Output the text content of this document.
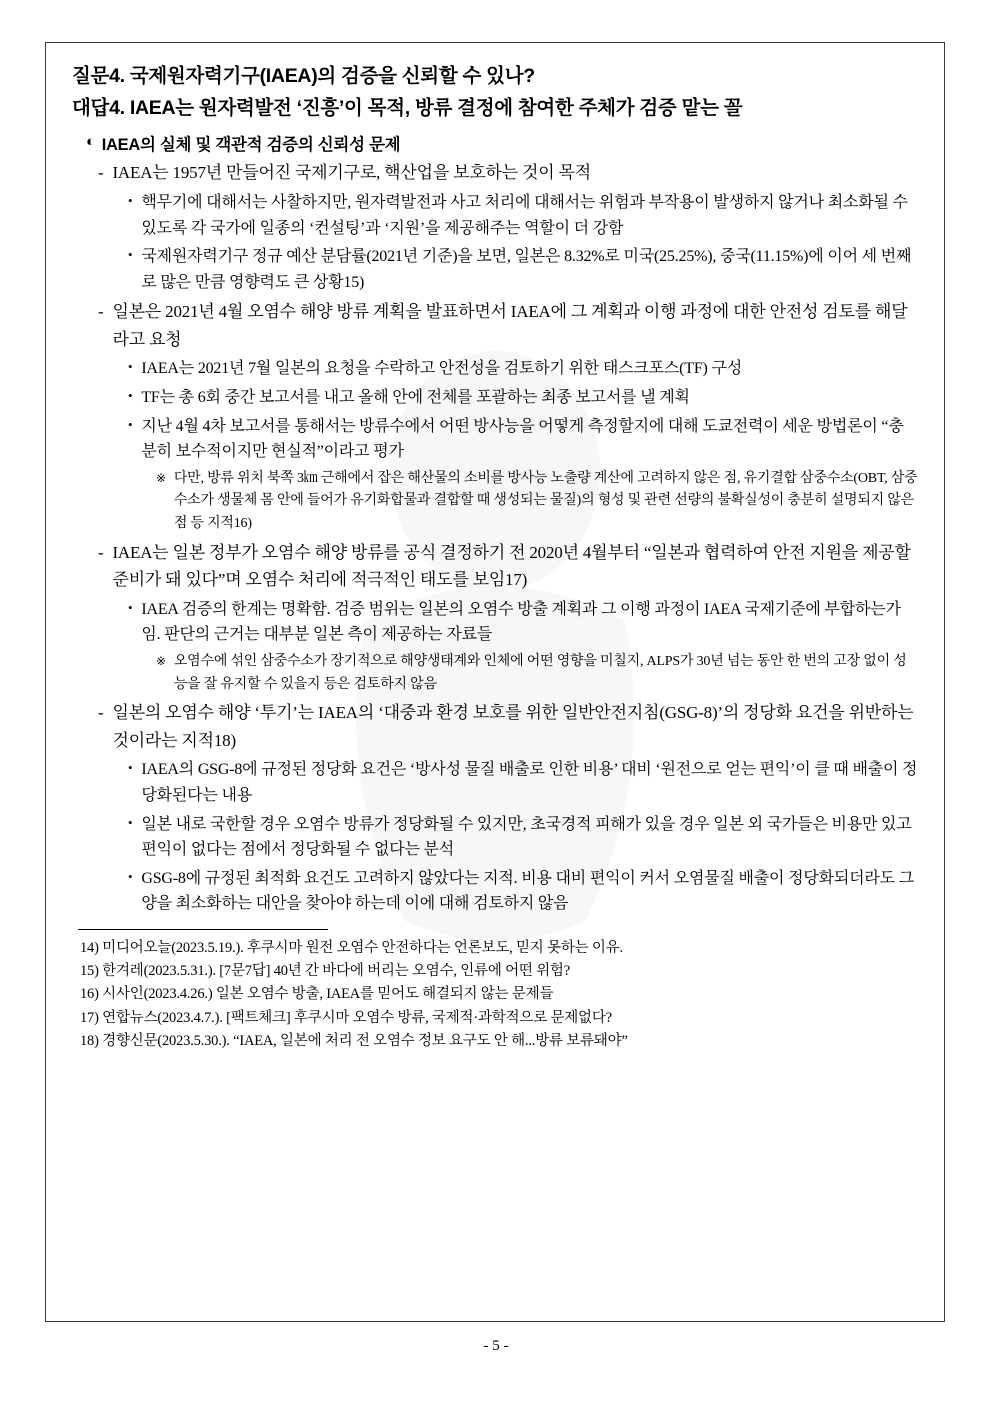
질문4. 국제원자력기구(IAEA)의 검증을 신뢰할 수 있나?
대답4. IAEA는 원자력발전 ‘진흥’이 목적, 방류 결정에 참여한 주체가 검증 맡는 꼴
◐ IAEA의 실체 및 객관적 검증의 신뢰성 문제
- IAEA는 1957년 만들어진 국제기구로, 핵산업을 보호하는 것이 목적
• 핵무기에 대해서는 사찰하지만, 원자력발전과 사고 처리에 대해서는 위험과 부작용이 발생하지 않거나 최소화될 수 있도록 각 국가에 일종의 ‘컨설팅’과 ‘지원’을 제공해주는 역할이 더 강함
• 국제원자력기구 정규 예산 분담률(2021년 기준)을 보면, 일본은 8.32%로 미국(25.25%), 중국(11.15%)에 이어 세 번째로 많은 만큼 영향력도 큰 상황15)
- 일본은 2021년 4월 오염수 해양 방류 계획을 발표하면서 IAEA에 그 계획과 이행 과정에 대한 안전성 검토를 해달라고 요청
• IAEA는 2021년 7월 일본의 요청을 수락하고 안전성을 검토하기 위한 태스크포스(TF) 구성
• TF는 총 6회 중간 보고서를 내고 올해 안에 전체를 포괄하는 최종 보고서를 낼 계획
• 지난 4월 4차 보고서를 통해서는 방류수에서 어떤 방사능을 어떻게 측정할지에 대해 도쿄전력이 세운 방법론이 “충분히 보수적이지만 현실적”이라고 평가
※ 다만, 방류 위치 북쪽 3㎞ 근해에서 잡은 해산물의 소비를 방사능 노출량 계산에 고려하지 않은 점, 유기결합 삼중수소(OBT, 삼중수소가 생물체 몸 안에 들어가 유기화합물과 결합할 때 생성되는 물질)의 형성 및 관련 선량의 불확실성이 충분히 설명되지 않은 점 등 지적16)
- IAEA는 일본 정부가 오염수 해양 방류를 공식 결정하기 전 2020년 4월부터 “일본과 협력하여 안전 지원을 제공할 준비가 돼 있다”며 오염수 처리에 적극적인 태도를 보임17)
• IAEA 검증의 한계는 명확함. 검증 범위는 일본의 오염수 방출 계획과 그 이행 과정이 IAEA 국제기준에 부합하는가임. 판단의 근거는 대부분 일본 측이 제공하는 자료들
※ 오염수에 섞인 삼중수소가 장기적으로 해양생태계와 인체에 어떤 영향을 미칠지, ALPS가 30년 넘는 동안 한 번의 고장 없이 성능을 잘 유지할 수 있을지 등은 검토하지 않음
- 일본의 오염수 해양 ‘투기’는 IAEA의 ‘대중과 환경 보호를 위한 일반안전지침(GSG-8)’의 정당화 요건을 위반하는 것이라는 지적18)
• IAEA의 GSG-8에 규정된 정당화 요건은 ‘방사성 물질 배출로 인한 비용’ 대비 ‘원전으로 얻는 편익’이 클 때 배출이 정당화된다는 내용
• 일본 내로 국한할 경우 오염수 방류가 정당화될 수 있지만, 초국경적 피해가 있을 경우 일본 외 국가들은 비용만 있고 편익이 없다는 점에서 정당화될 수 없다는 분석
• GSG-8에 규정된 최적화 요건도 고려하지 않았다는 지적. 비용 대비 편익이 커서 오염물질 배출이 정당화되더라도 그 양을 최소화하는 대안을 찾아야 하는데 이에 대해 검토하지 않음
14) 미디어오늘(2023.5.19.). 후쿠시마 원전 오염수 안전하다는 언론보도, 믿지 못하는 이유.
15) 한겨레(2023.5.31.). [7문7답] 40년 간 바다에 버리는 오염수, 인류에 어떤 위험?
16) 시사인(2023.4.26.) 일본 오염수 방출, IAEA를 믿어도 해결되지 않는 문제들
17) 연합뉴스(2023.4.7.). [팩트체크] 후쿠시마 오염수 방류, 국제적·과학적으로 문제없다?
18) 경향신문(2023.5.30.). “IAEA, 일본에 처리 전 오염수 정보 요구도 안 해...방류 보류돼야”
- 5 -
